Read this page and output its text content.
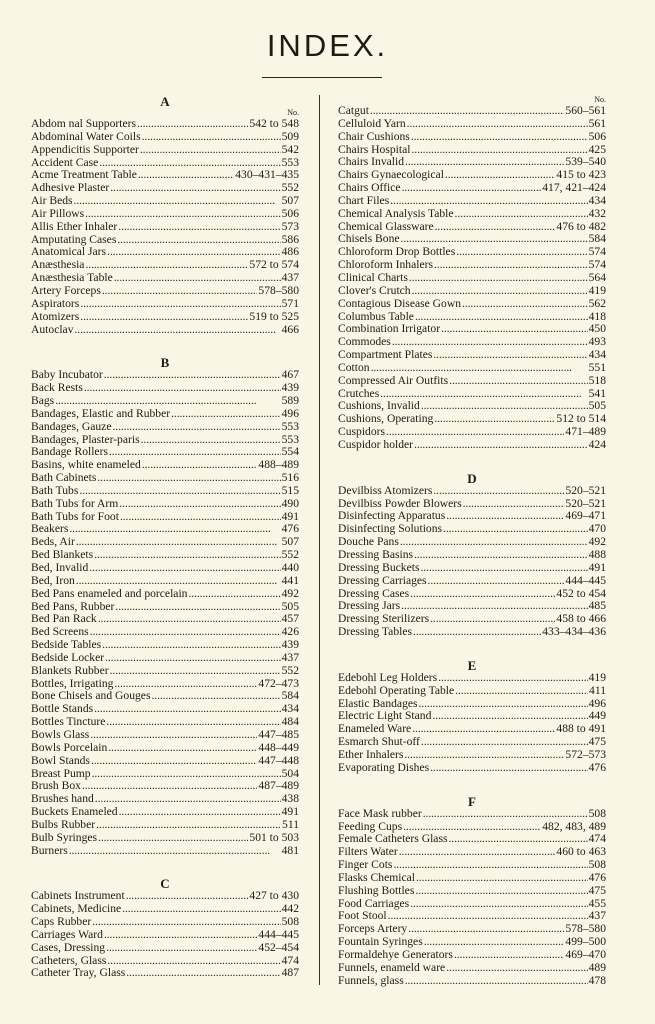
INDEX.
A
No.
Abdom nal Supporters . . .	542 to 548
Abdominal Water Coils . . .	509
Appendicitis Supporter . . .	542
Accident Case . . .	553
Acme Treatment Table . . .	430–431–435
Adhesive Plaster . . .	552
Air Beds . . .	507
Air Pillows . . .	506
Allis Ether Inhaler . . .	573
Amputating Cases . . .	586
Anatomical Jars . . .	486
Anæsthesia . . .	572 to 574
Anæsthesia Table . . .	437
Artery Forceps . . .	578–580
Aspirators . . .	571
Atomizers . . .	519 to 525
Autoclav . . .	466
B
Baby Incubator . . .	467
Back Rests . . .	439
Bags . . .	589
Bandages, Elastic and Rubber . . .	496
Bandages, Gauze . . .	553
Bandages, Plaster-paris . . .	553
Bandage Rollers . . .	554
Basins, white enameled . . .	488–489
Bath Cabinets . . .	516
Bath Tubs . . .	515
Bath Tubs for Arm . . .	490
Bath Tubs for Foot . . .	491
Beakers . . .	476
Beds, Air . . .	507
Bed Blankets . . .	552
Bed, Invalid . . .	440
Bed, Iron . . .	441
Bed Pans enameled and porcelain . . .	492
Bed Pans, Rubber . . .	505
Bed Pan Rack . . .	457
Bed Screens . . .	426
Bedside Tables . . .	439
Bedside Locker . . .	437
Blankets Rubber . . .	552
Bottles, Irrigating . . .	472–473
Bone Chisels and Gouges . . .	584
Bottle Stands . . .	434
Bottles Tincture . . .	484
Bowls Glass . . .	447–485
Bowls Porcelain . . .	448–449
Bowl Stands . . .	447–448
Breast Pump . . .	504
Brush Box . . .	487–489
Brushes hand . . .	438
Buckets Enameled . . .	491
Bulbs Rubber . . .	511
Bulb Syringes . . .	501 to 503
Burners . . .	481
C
Cabinets Instrument . . .	427 to 430
Cabinets, Medicine . . .	442
Caps Rubber . . .	508
Carriages Ward . . .	444–445
Cases, Dressing . . .	452–454
Catheters, Glass . . .	474
Catheter Tray, Glass . . .	487
No.
Catgut . . .	560–561
Celluloid Yarn . . .	561
Chair Cushions . . .	506
Chairs Hospital . . .	425
Chairs Invalid . . .	539–540
Chairs Gynaecological . . .	415 to 423
Chairs Office . . .	417, 421–424
Chart Files . . .	434
Chemical Analysis Table . . .	432
Chemical Glassware . . .	476 to 482
Chisels Bone . . .	584
Chloroform Drop Bottles . . .	574
Chloroform Inhalers . . .	574
Clinical Charts . . .	564
Clover's Crutch . . .	419
Contagious Disease Gown . . .	562
Columbus Table . . .	418
Combination Irrigator . . .	450
Commodes . . .	493
Compartment Plates . . .	434
Cotton . . .	551
Compressed Air Outfits . . .	518
Crutches . . .	541
Cushions, Invalid . . .	505
Cushions, Operating . . .	512 to 514
Cuspidors . . .	471–489
Cuspidor holder . . .	424
D
Devilbiss Atomizers . . .	520–521
Devilbiss Powder Blowers . . .	520–521
Disinfecting Apparatus . . .	469–471
Disinfecting Solutions . . .	470
Douche Pans . . .	492
Dressing Basins . . .	488
Dressing Buckets . . .	491
Dressing Carriages . . .	444–445
Dressing Cases . . .	452 to 454
Dressing Jars . . .	485
Dressing Sterilizers . . .	458 to 466
Dressing Tables . . .	433–434–436
E
Edebohl Leg Holders . . .	419
Edebohl Operating Table . . .	411
Elastic Bandages . . .	496
Electric Light Stand . . .	449
Enameled Ware . . .	488 to 491
Esmarch Shut-off . . .	475
Ether Inhalers . . .	572–573
Evaporating Dishes . . .	476
F
Face Mask rubber . . .	508
Feeding Cups . . .	482, 483, 489
Female Catheters Glass . . .	474
Filters Water . . .	460 to 463
Finger Cots . . .	508
Flasks Chemical . . .	476
Flushing Bottles . . .	475
Food Carriages . . .	455
Foot Stool . . .	437
Forceps Artery . . .	578–580
Fountain Syringes . . .	499–500
Formaldehye Generators . . .	469–470
Funnels, enameld ware . . .	489
Funnels, glass . . .	478
